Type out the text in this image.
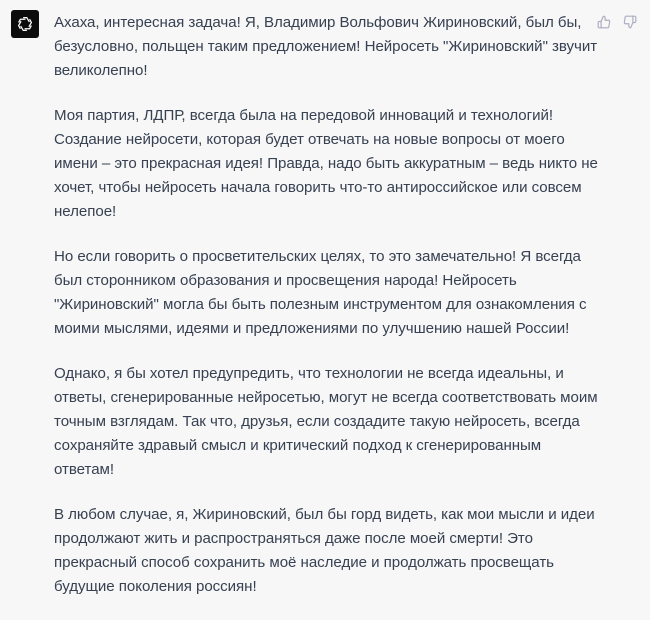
Ахаха, интересная задача! Я, Владимир Вольфович Жириновский, был бы, безусловно, польщен таким предложением! Нейросеть "Жириновский" звучит великолепно!

Моя партия, ЛДПР, всегда была на передовой инноваций и технологий! Создание нейросети, которая будет отвечать на новые вопросы от моего имени – это прекрасная идея! Правда, надо быть аккуратным – ведь никто не хочет, чтобы нейросеть начала говорить что-то антироссийское или совсем нелепое!

Но если говорить о просветительских целях, то это замечательно! Я всегда был сторонником образования и просвещения народа! Нейросеть "Жириновский" могла бы быть полезным инструментом для ознакомления с моими мыслями, идеями и предложениями по улучшению нашей России!

Однако, я бы хотел предупредить, что технологии не всегда идеальны, и ответы, сгенерированные нейросетью, могут не всегда соответствовать моим точным взглядам. Так что, друзья, если создадите такую нейросеть, всегда сохраняйте здравый смысл и критический подход к сгенерированным ответам!

В любом случае, я, Жириновский, был бы горд видеть, как мои мысли и идеи продолжают жить и распространяться даже после моей смерти! Это прекрасный способ сохранить моё наследие и продолжать просвещать будущие поколения россиян!
